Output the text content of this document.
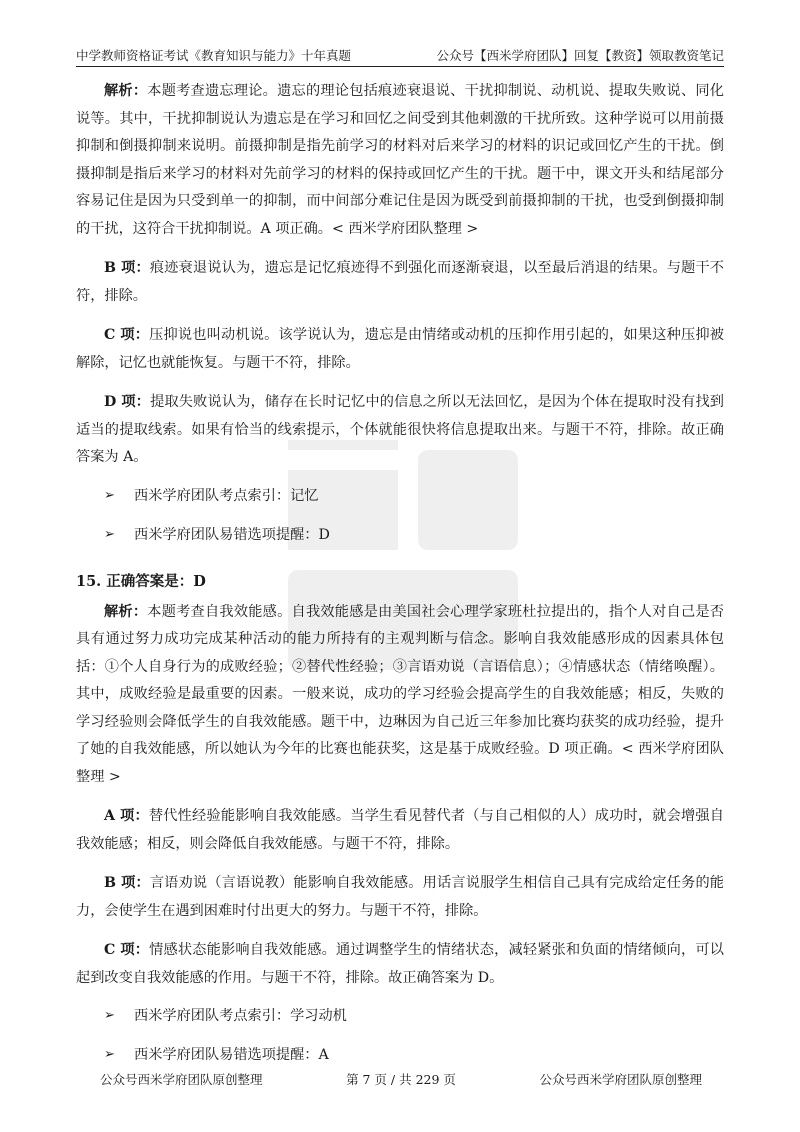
中学教师资格证考试《教育知识与能力》十年真题	公众号【西米学府团队】回复【教资】领取教资笔记

解析：本题考查遗忘理论。遗忘的理论包括痕迹衰退说、干扰抑制说、动机说、提取失败说、同化说等。其中，干扰抑制说认为遗忘是在学习和回忆之间受到其他刺激的干扰所致。这种学说可以用前摄抑制和倒摄抑制来说明。前摄抑制是指先前学习的材料对后来学习的材料的识记或回忆产生的干扰。倒摄抑制是指后来学习的材料对先前学习的材料的保持或回忆产生的干扰。题干中，课文开头和结尾部分容易记住是因为只受到单一的抑制，而中间部分难记住是因为既受到前摄抑制的干扰，也受到倒摄抑制的干扰，这符合干扰抑制说。A 项正确。< 西米学府团队整理 >

B 项：痕迹衰退说认为，遗忘是记忆痕迹得不到强化而逐渐衰退，以至最后消退的结果。与题干不符，排除。

C 项：压抑说也叫动机说。该学说认为，遗忘是由情绪或动机的压抑作用引起的，如果这种压抑被解除，记忆也就能恢复。与题干不符，排除。

D 项：提取失败说认为，储存在长时记忆中的信息之所以无法回忆，是因为个体在提取时没有找到适当的提取线索。如果有恰当的线索提示，个体就能很快将信息提取出来。与题干不符，排除。故正确答案为 A。

➢	西米学府团队考点索引：记忆
➢	西米学府团队易错选项提醒：D
15. 正确答案是：D

解析：本题考查自我效能感。自我效能感是由美国社会心理学家班杜拉提出的，指个人对自己是否具有通过努力成功完成某种活动的能力所持有的主观判断与信念。影响自我效能感形成的因素具体包括：①个人自身行为的成败经验；②替代性经验；③言语劝说（言语信息）；④情感状态（情绪唤醒）。其中，成败经验是最重要的因素。一般来说，成功的学习经验会提高学生的自我效能感；相反，失败的学习经验则会降低学生的自我效能感。题干中，边琳因为自己近三年参加比赛均获奖的成功经验，提升了她的自我效能感，所以她认为今年的比赛也能获奖，这是基于成败经验。D 项正确。< 西米学府团队整理 >

A 项：替代性经验能影响自我效能感。当学生看见替代者（与自己相似的人）成功时，就会增强自我效能感；相反，则会降低自我效能感。与题干不符，排除。

B 项：言语劝说（言语说教）能影响自我效能感。用话言说服学生相信自己具有完成给定任务的能力，会使学生在遇到困难时付出更大的努力。与题干不符，排除。

C 项：情感状态能影响自我效能感。通过调整学生的情绪状态，减轻紧张和负面的情绪倾向，可以起到改变自我效能感的作用。与题干不符，排除。故正确答案为 D。

➢	西米学府团队考点索引：学习动机
➢	西米学府团队易错选项提醒：A
公众号西米学府团队原创整理	第 7 页 / 共 229 页	公众号西米学府团队原创整理
